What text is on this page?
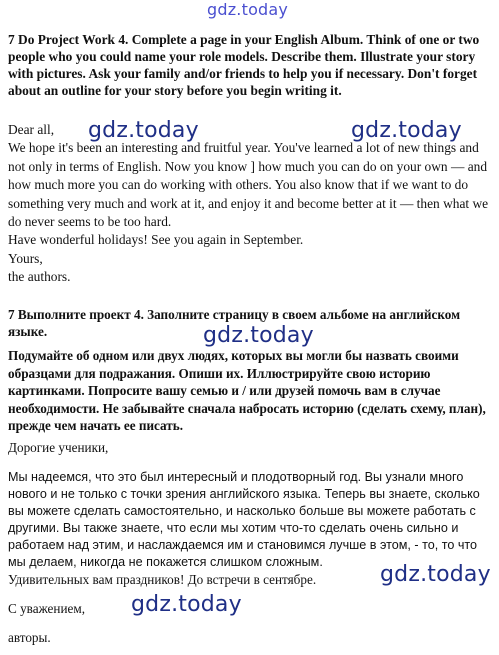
gdz.today
7 Do Project Work 4. Complete a page in your English Album. Think of one or two people who you could name your role models. Describe them. Illustrate your story with pictures. Ask your family and/or friends to help you if necessary. Don't forget about an outline for your story before you begin writing it.

Dear all,

We hope it's been an interesting and fruitful year. You've learned a lot of new things and not only in terms of English. Now you know ] how much you can do on your own — and how much more you can do working with others. You also know that if we want to do something very much and work at it, and enjoy it and become better at it — then what we do never seems to be too hard.

Have wonderful holidays! See you again in September.

Yours,

the authors.

7 Выполните проект 4. Заполните страницу в своем альбоме на английском языке.
Подумайте об одном или двух людях, которых вы могли бы назвать своими образцами для подражания. Опиши их. Иллюстрируйте свою историю картинками. Попросите вашу семью и / или друзей помочь вам в случае необходимости. Не забывайте сначала набросать историю (сделать схему, план), прежде чем начать ее писать.
Дорогие ученики,
Мы надеемся, что это был интересный и плодотворный год. Вы узнали много нового и не только с точки зрения английского языка. Теперь вы знаете, сколько вы можете сделать самостоятельно, и насколько больше вы можете работать с другими. Вы также знаете, что если мы хотим что-то сделать очень сильно и работаем над этим, и наслаждаемся им и становимся лучше в этом, - то, то что мы делаем, никогда не покажется слишком сложным.
Удивительных вам праздников! До встречи в сентябре.
С уважением,
авторы.
gdz.today	gdz.today
gdz.today
gdz.today
gdz.today
